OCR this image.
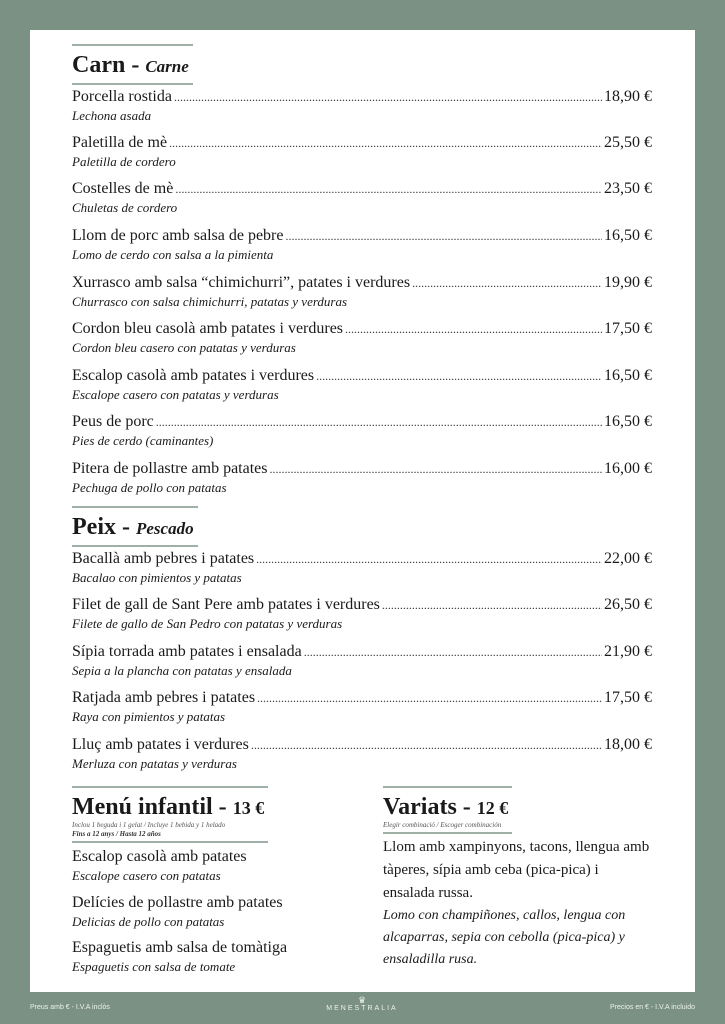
Carn - Carne
Porcella rostida .....	18,90 €
Lechona asada
Paletilla de mè .....	25,50 €
Paletilla de cordero
Costelles de mè .....	23,50 €
Chuletas de cordero
Llom de porc amb salsa de pebre .....	16,50 €
Lomo de cerdo con salsa a la pimienta
Xurrasco amb salsa “chimichurri”, patates i verdures .....	19,90 €
Churrasco con salsa chimichurri, patatas y verduras
Cordon bleu casolà amb patates i verdures .....	17,50 €
Cordon bleu casero con patatas y verduras
Escalop casolà amb patates i verdures .....	16,50 €
Escalope casero con patatas y verduras
Peus de porc .....	16,50 €
Pies de cerdo (caminantes)
Pitera de pollastre amb patates .....	16,00 €
Pechuga de pollo con patatas
Peix - Pescado
Bacallà amb pebres i patates .....	22,00 €
Bacalao con pimientos y patatas
Filet de gall de Sant Pere amb patates i verdures .....	26,50 €
Filete de gallo de San Pedro con patatas y verduras
Sípia torrada amb patates i ensalada .....	21,90 €
Sepia a la plancha con patatas y ensalada
Ratjada amb pebres i patates .....	17,50 €
Raya con pimientos y patatas
Lluç amb patates i verdures .....	18,00 €
Merluza con patatas y verduras
Menú infantil - 13 €
Inclou 1 beguda i 1 gelat / Incluye 1 bebida y 1 helado
Fins a 12 anys / Hasta 12 años
Escalop casolà amb patates
Escalope casero con patatas
Delícies de pollastre amb patates
Delicias de pollo con patatas
Espaguetis amb salsa de tomàtiga
Espaguetis con salsa de tomate
Variats - 12 €
Elegir combinació / Escoger combinación
Llom amb xampinyons, tacons, llengua amb tàperes, sípia amb ceba (pica-pica) i ensalada russa.
Lomo con champiñones, callos, lengua con alcaparras, sepia con cebolla (pica-pica) y ensaladilla rusa.
Preus amb € - I.V.A inclòs
♛
MENESTRALIA	Precios en € - I.V.A incluido
